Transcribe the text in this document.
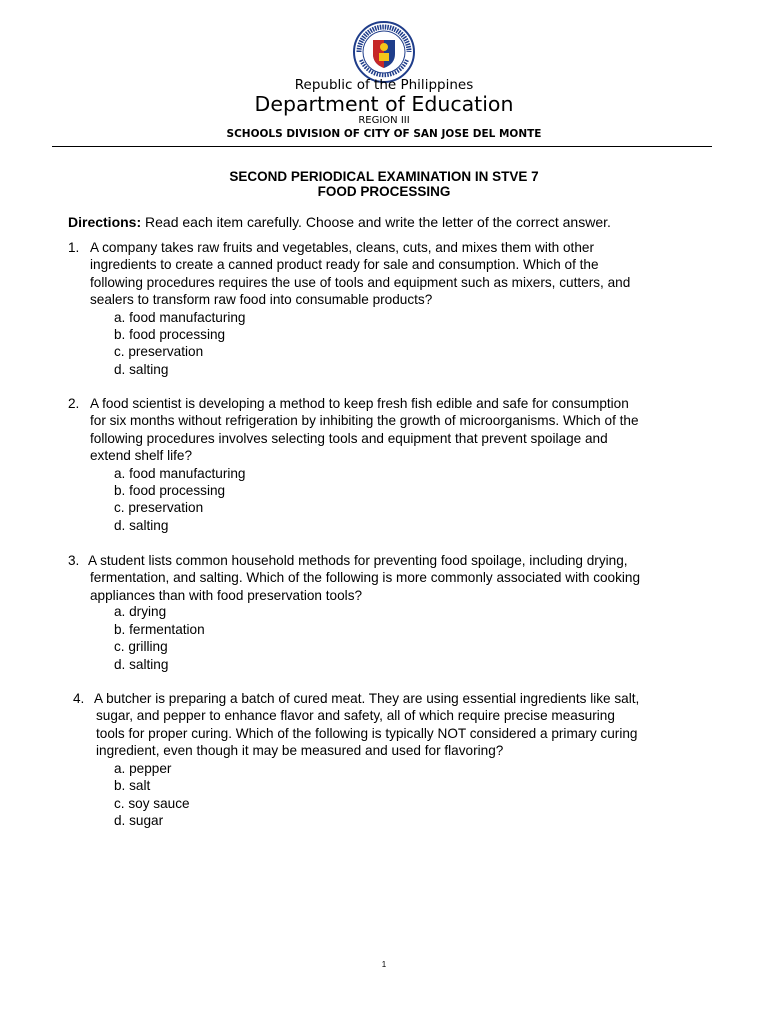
Republic of the Philippines
Department of Education
REGION III
SCHOOLS DIVISION OF CITY OF SAN JOSE DEL MONTE
SECOND PERIODICAL EXAMINATION IN STVE 7
FOOD PROCESSING
Directions: Read each item carefully. Choose and write the letter of the correct answer.
1. A company takes raw fruits and vegetables, cleans, cuts, and mixes them with other
ingredients to create a canned product ready for sale and consumption. Which of the
following procedures requires the use of tools and equipment such as mixers, cutters, and
sealers to transform raw food into consumable products?
a. food manufacturing
b. food processing
c. preservation
d. salting
2. A food scientist is developing a method to keep fresh fish edible and safe for consumption
for six months without refrigeration by inhibiting the growth of microorganisms. Which of the
following procedures involves selecting tools and equipment that prevent spoilage and
extend shelf life?
a. food manufacturing
b. food processing
c. preservation
d. salting
3. A student lists common household methods for preventing food spoilage, including drying,
fermentation, and salting. Which of the following is more commonly associated with cooking
appliances than with food preservation tools?
a. drying
b. fermentation
c. grilling
d. salting
4. A butcher is preparing a batch of cured meat. They are using essential ingredients like salt,
sugar, and pepper to enhance flavor and safety, all of which require precise measuring
tools for proper curing. Which of the following is typically NOT considered a primary curing
ingredient, even though it may be measured and used for flavoring?
a. pepper
b. salt
c. soy sauce
d. sugar
1
